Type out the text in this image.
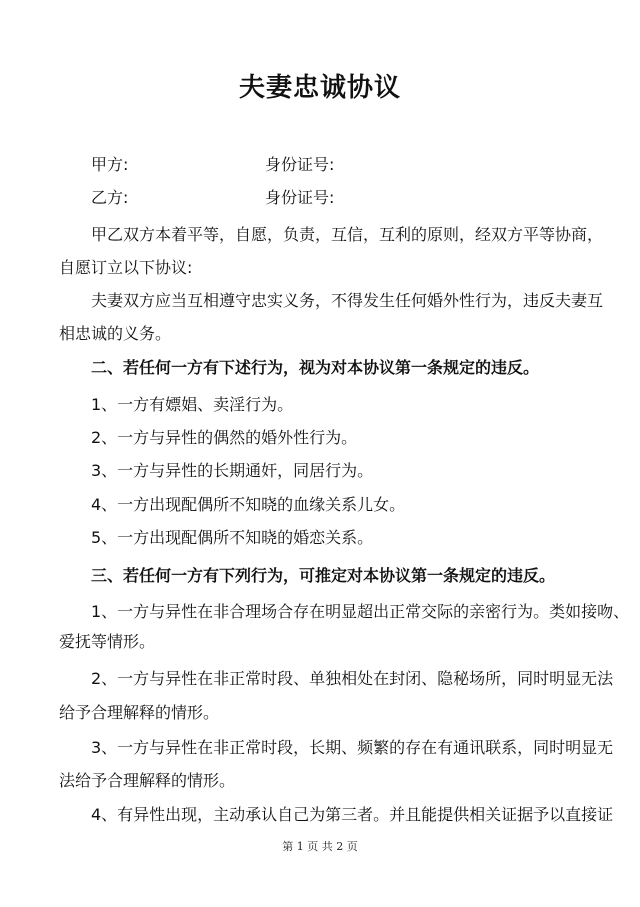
夫妻忠诚协议
甲方:	身份证号:
乙方:	身份证号:
甲乙双方本着平等，自愿，负责，互信，互利的原则，经双方平等协商，
自愿订立以下协议:
夫妻双方应当互相遵守忠实义务，不得发生任何婚外性行为，违反夫妻互
相忠诚的义务。
二、若任何一方有下述行为，视为对本协议第一条规定的违反。
1、一方有嫖娼、卖淫行为。
2、一方与异性的偶然的婚外性行为。
3、一方与异性的长期通奸，同居行为。
4、一方出现配偶所不知晓的血缘关系儿女。
5、一方出现配偶所不知晓的婚恋关系。
三、若任何一方有下列行为，可推定对本协议第一条规定的违反。
1、一方与异性在非合理场合存在明显超出正常交际的亲密行为。类如接吻、
爱抚等情形。
2、一方与异性在非正常时段、单独相处在封闭、隐秘场所，同时明显无法
给予合理解释的情形。
3、一方与异性在非正常时段，长期、频繁的存在有通讯联系，同时明显无
法给予合理解释的情形。
4、有异性出现，主动承认自己为第三者。并且能提供相关证据予以直接证
第 1 页 共 2 页
